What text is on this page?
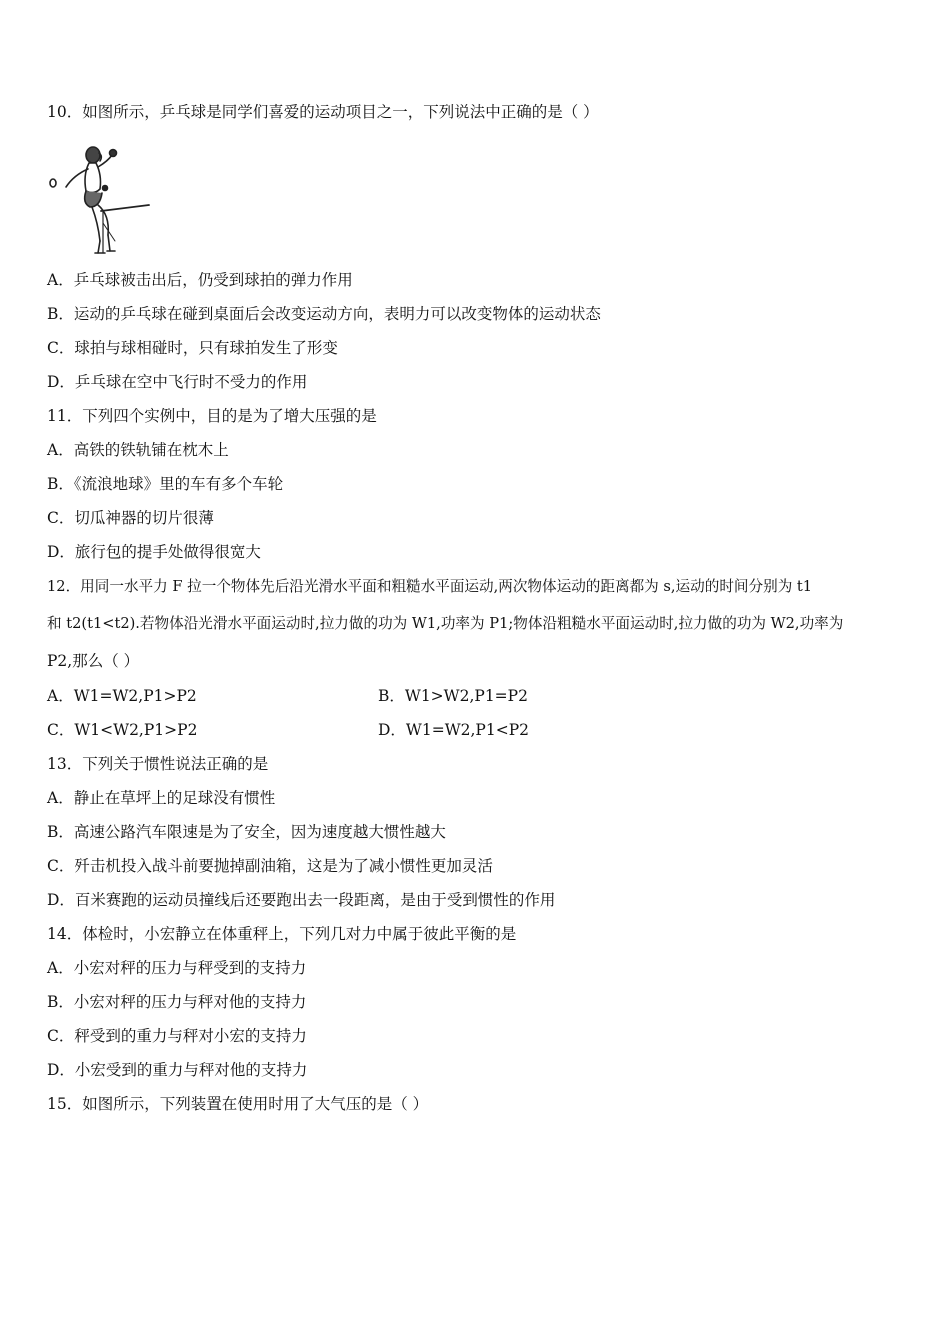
10．如图所示，乒乓球是同学们喜爱的运动项目之一，下列说法中正确的是（ ）
A．乒乓球被击出后，仍受到球拍的弹力作用
B．运动的乒乓球在碰到桌面后会改变运动方向，表明力可以改变物体的运动状态
C．球拍与球相碰时，只有球拍发生了形变
D．乒乓球在空中飞行时不受力的作用
11．下列四个实例中，目的是为了增大压强的是
A．高铁的铁轨铺在枕木上
B．《流浪地球》里的车有多个车轮
C．切瓜神器的切片很薄
D．旅行包的提手处做得很宽大
12．用同一水平力 F 拉一个物体先后沿光滑水平面和粗糙水平面运动,两次物体运动的距离都为 s,运动的时间分别为 t1
和 t2(t1<t2).若物体沿光滑水平面运动时,拉力做的功为 W1,功率为 P1;物体沿粗糙水平面运动时,拉力做的功为 W2,功率为
P2,那么（ ）
A．W1=W2,P1>P2	B．W1>W2,P1=P2
C．W1<W2,P1>P2	D．W1=W2,P1<P2
13．下列关于惯性说法正确的是
A．静止在草坪上的足球没有惯性
B．高速公路汽车限速是为了安全，因为速度越大惯性越大
C．歼击机投入战斗前要抛掉副油箱，这是为了减小惯性更加灵活
D．百米赛跑的运动员撞线后还要跑出去一段距离，是由于受到惯性的作用
14．体检时，小宏静立在体重秤上，下列几对力中属于彼此平衡的是
A．小宏对秤的压力与秤受到的支持力
B．小宏对秤的压力与秤对他的支持力
C．秤受到的重力与秤对小宏的支持力
D．小宏受到的重力与秤对他的支持力
15．如图所示，下列装置在使用时用了大气压的是（ ）
